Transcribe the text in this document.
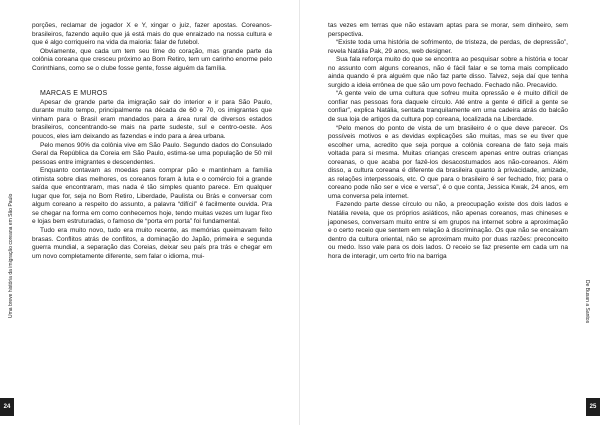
porções, reclamar de jogador X e Y, xingar o juiz, fazer apostas. Coreanos-brasileiros, fazendo aquilo que já está mais do que enraizado na nossa cultura e que é algo corriqueiro na vida da maioria: falar de futebol.

Obviamente, que cada um tem seu time do coração, mas grande parte da colônia coreana que cresceu próximo ao Bom Retiro, tem um carinho enorme pelo Corinthians, como se o clube fosse gente, fosse alguém da família.

MARCAS E MUROS

Apesar de grande parte da imigração sair do interior e ir para São Paulo, durante muito tempo, principalmente na década de 60 e 70, os imigrantes que vinham para o Brasil eram mandados para a área rural de diversos estados brasileiros, concentrando-se mais na parte sudeste, sul e centro-oeste. Aos poucos, eles iam deixando as fazendas e indo para a área urbana.

Pelo menos 90% da colônia vive em São Paulo. Segundo dados do Consulado Geral da República da Coreia em São Paulo, estima-se uma população de 50 mil pessoas entre imigrantes e descendentes.

Enquanto contavam as moedas para comprar pão e mantinham a família otimista sobre dias melhores, os coreanos foram à luta e o comércio foi a grande saída que encontraram, mas nada é tão simples quanto parece. Em qualquer lugar que for, seja no Bom Retiro, Liberdade, Paulista ou Brás e conversar com algum coreano a respeito do assunto, a palavra “difícil” é facilmente ouvida. Pra se chegar na forma em como conhecemos hoje, tendo muitas vezes um lugar fixo e lojas bem estruturadas, o famoso de “porta em porta” foi fundamental.

Tudo era muito novo, tudo era muito recente, as memórias queimavam feito brasas. Conflitos atrás de conflitos, a dominação do Japão, primeira e segunda guerra mundial, a separação das Coreias, deixar seu país pra trás e chegar em um novo completamente diferente, sem falar o idioma, mui-

tas vezes em terras que não estavam aptas para se morar, sem dinheiro, sem perspectiva.

“Existe toda uma história de sofrimento, de tristeza, de perdas, de depressão”, revela Natália Pak, 29 anos, web designer.

Sua fala reforça muito do que se encontra ao pesquisar sobre a história e tocar no assunto com alguns coreanos, não é fácil falar e se torna mais complicado ainda quando é pra alguém que não faz parte disso. Talvez, seja daí que tenha surgido a ideia errônea de que são um povo fechado. Fechado não. Precavido.

“A gente veio de uma cultura que sofreu muita opressão e é muito difícil de confiar nas pessoas fora daquele círculo. Até entre a gente é difícil a gente se confiar”, explica Natália, sentada tranquilamente em uma cadeira atrás do balcão de sua loja de artigos da cultura pop coreana, localizada na Liberdade.

“Pelo menos do ponto de vista de um brasileiro é o que deve parecer. Os possíveis motivos e as devidas explicações são muitas, mas se eu tiver que escolher uma, acredito que seja porque a colônia coreana de fato seja mais voltada para si mesma. Muitas crianças crescem apenas entre outras crianças coreanas, o que acaba por fazê-los desacostumados aos não-coreanos. Além disso, a cultura coreana é diferente da brasileira quanto à privacidade, amizade, as relações interpessoais, etc. O que para o brasileiro é ser fechado, frio; para o coreano pode não ser e vice e versa”, é o que conta, Jessica Kwak, 24 anos, em uma conversa pela internet.

Fazendo parte desse círculo ou não, a preocupação existe dos dois lados e Natália revela, que os próprios asiáticos, não apenas coreanos, mas chineses e japoneses, conversam muito entre si em grupos na internet sobre a aproximação e o certo receio que sentem em relação à discriminação. Os que não se encaixam dentro da cultura oriental, não se aproximam muito por duas razões: preconceito ou medo. Isso vale para os dois lados. O receio se faz presente em cada um na hora de interagir, um certo frio na barriga

Uma breve história da imigração coreana em São Paulo	De Busan a Santos
24	25
